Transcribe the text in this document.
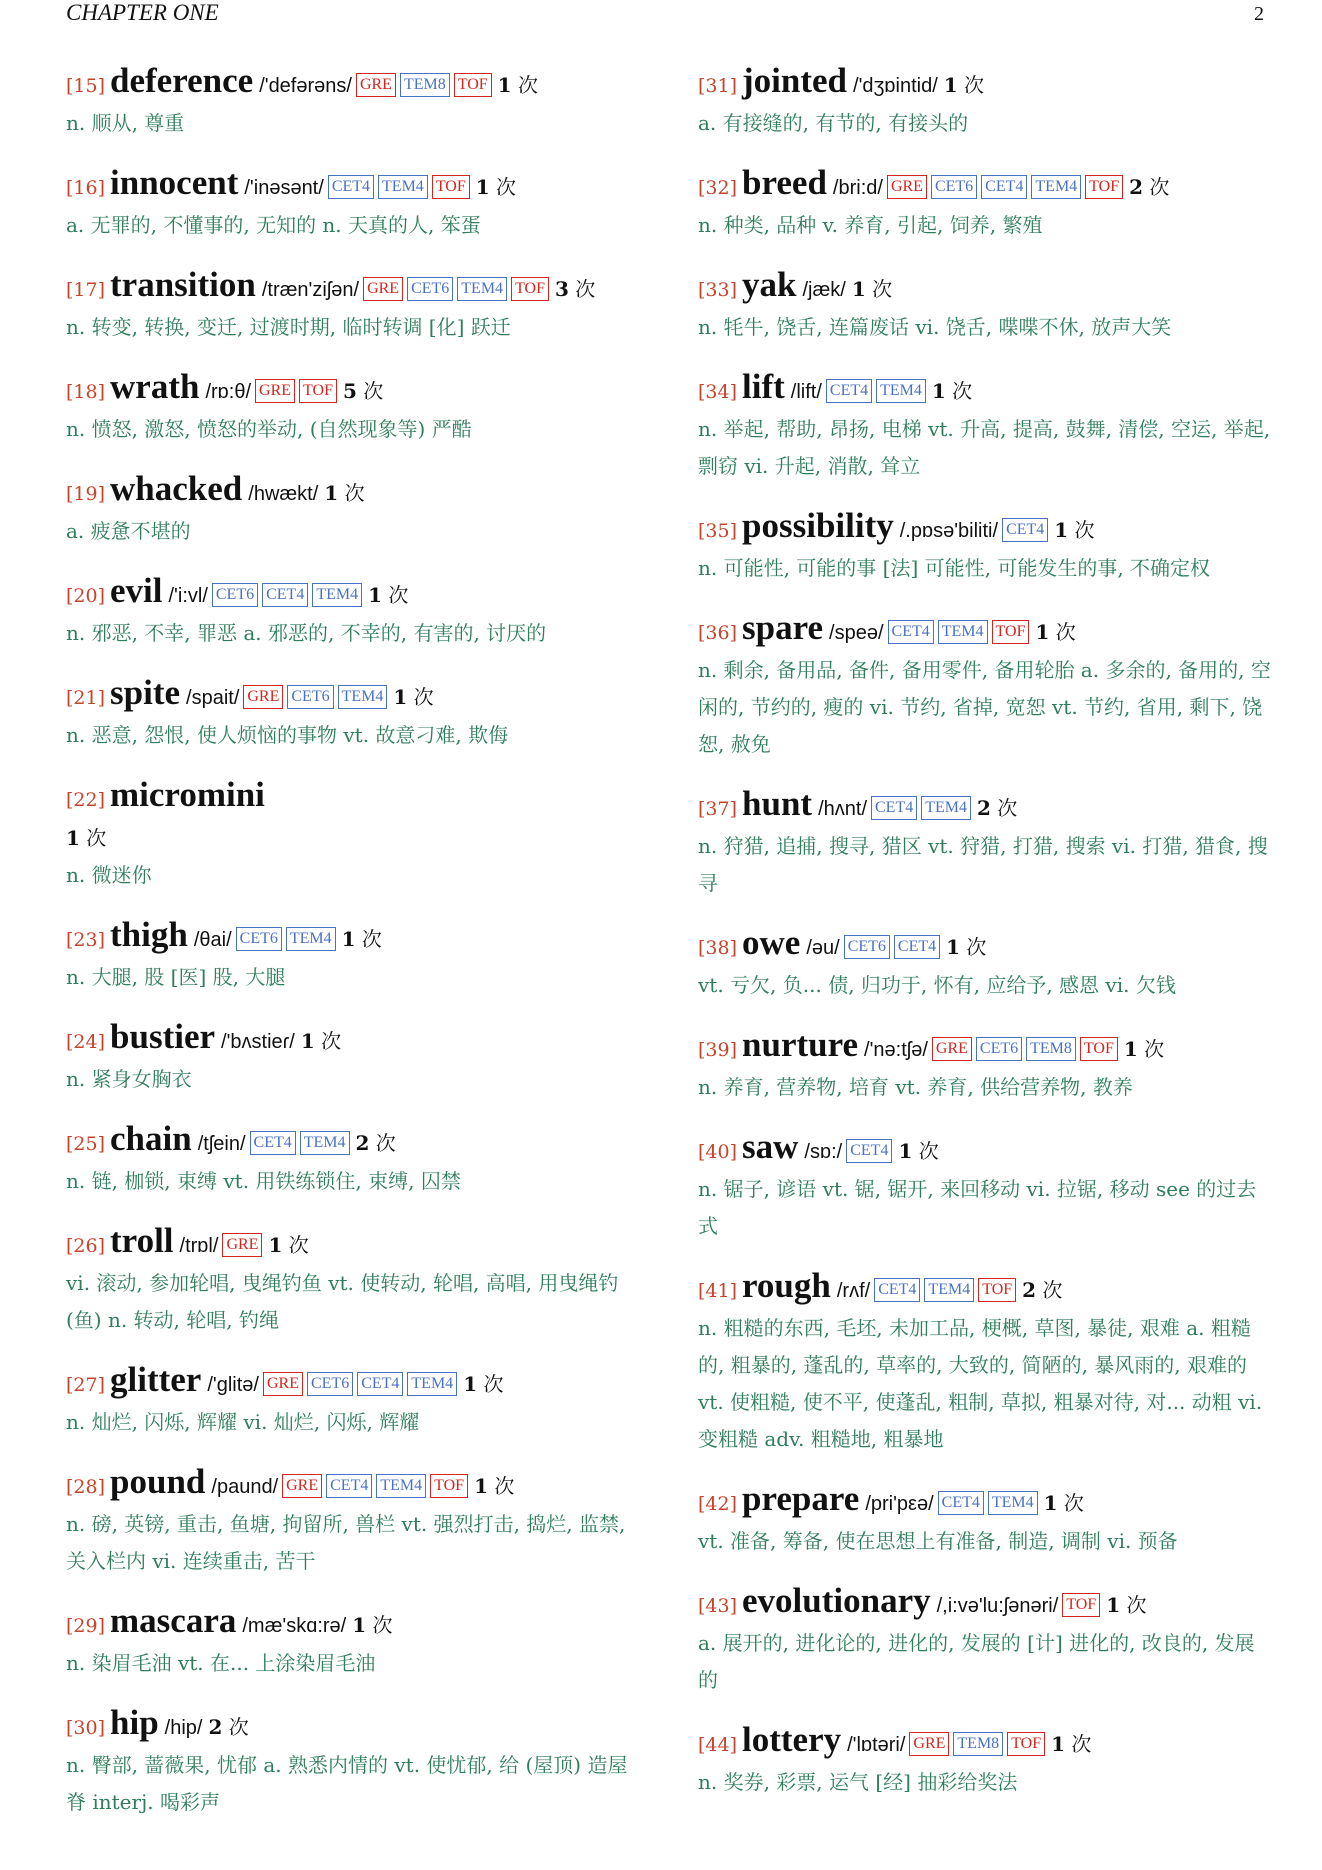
CHAPTER ONE	2
[15] deference /'defərəns/ GRE TEM8 TOF 1 次
n. 顺从, 尊重
[16] innocent /'inəsənt/ CET4 TEM4 TOF 1 次
a. 无罪的, 不懂事的, 无知的 n. 天真的人, 笨蛋
[17] transition /træn'ziʃən/ GRE CET6 TEM4 TOF 3 次
n. 转变, 转换, 变迁, 过渡时期, 临时转调 [化] 跃迁
[18] wrath /rɒ:θ/ GRE TOF 5 次
n. 愤怒, 激怒, 愤怒的举动, (自然现象等) 严酷
[19] whacked /hwækt/ 1 次
a. 疲惫不堪的
[20] evil /'i:vl/ CET6 CET4 TEM4 1 次
n. 邪恶, 不幸, 罪恶 a. 邪恶的, 不幸的, 有害的, 讨厌的
[21] spite /spait/ GRE CET6 TEM4 1 次
n. 恶意, 怨恨, 使人烦恼的事物 vt. 故意刁难, 欺侮
[22] micromini
1 次
n. 微迷你
[23] thigh /θai/ CET6 TEM4 1 次
n. 大腿, 股 [医] 股, 大腿
[24] bustier /'bʌstieɾ/ 1 次
n. 紧身女胸衣
[25] chain /tʃein/ CET4 TEM4 2 次
n. 链, 枷锁, 束缚 vt. 用铁练锁住, 束缚, 囚禁
[26] troll /trɒl/ GRE 1 次
vi. 滚动, 参加轮唱, 曳绳钓鱼 vt. 使转动, 轮唱, 高唱, 用曳绳钓 (鱼) n. 转动, 轮唱, 钓绳
[27] glitter /'glitə/ GRE CET6 CET4 TEM4 1 次
n. 灿烂, 闪烁, 辉耀 vi. 灿烂, 闪烁, 辉耀
[28] pound /paund/ GRE CET4 TEM4 TOF 1 次
n. 磅, 英镑, 重击, 鱼塘, 拘留所, 兽栏 vt. 强烈打击, 捣烂, 监禁, 关入栏内 vi. 连续重击, 苦干
[29] mascara /mæ'skɑ:rə/ 1 次
n. 染眉毛油 vt. 在... 上涂染眉毛油
[30] hip /hip/ 2 次
n. 臀部, 蔷薇果, 忧郁 a. 熟悉内情的 vt. 使忧郁, 给 (屋顶) 造屋脊 interj. 喝彩声
[31] jointed /'dʒɒintid/ 1 次
a. 有接缝的, 有节的, 有接头的
[32] breed /bri:d/ GRE CET6 CET4 TEM4 TOF 2 次
n. 种类, 品种 v. 养育, 引起, 饲养, 繁殖
[33] yak /jæk/ 1 次
n. 牦牛, 饶舌, 连篇废话 vi. 饶舌, 喋喋不休, 放声大笑
[34] lift /lift/ CET4 TEM4 1 次
n. 举起, 帮助, 昂扬, 电梯 vt. 升高, 提高, 鼓舞, 清偿, 空运, 举起, 剽窃 vi. 升起, 消散, 耸立
[35] possibility /.pɒsə'biliti/ CET4 1 次
n. 可能性, 可能的事 [法] 可能性, 可能发生的事, 不确定权
[36] spare /speə/ CET4 TEM4 TOF 1 次
n. 剩余, 备用品, 备件, 备用零件, 备用轮胎 a. 多余的, 备用的, 空闲的, 节约的, 瘦的 vi. 节约, 省掉, 宽恕 vt. 节约, 省用, 剩下, 饶恕, 赦免
[37] hunt /hʌnt/ CET4 TEM4 2 次
n. 狩猎, 追捕, 搜寻, 猎区 vt. 狩猎, 打猎, 搜索 vi. 打猎, 猎食, 搜寻
[38] owe /əu/ CET6 CET4 1 次
vt. 亏欠, 负... 债, 归功于, 怀有, 应给予, 感恩 vi. 欠钱
[39] nurture /'nə:tʃə/ GRE CET6 TEM8 TOF 1 次
n. 养育, 营养物, 培育 vt. 养育, 供给营养物, 教养
[40] saw /sɒ:/ CET4 1 次
n. 锯子, 谚语 vt. 锯, 锯开, 来回移动 vi. 拉锯, 移动 see 的过去式
[41] rough /rʌf/ CET4 TEM4 TOF 2 次
n. 粗糙的东西, 毛坯, 未加工品, 梗概, 草图, 暴徒, 艰难 a. 粗糙的, 粗暴的, 蓬乱的, 草率的, 大致的, 简陋的, 暴风雨的, 艰难的 vt. 使粗糙, 使不平, 使蓬乱, 粗制, 草拟, 粗暴对待, 对... 动粗 vi. 变粗糙 adv. 粗糙地, 粗暴地
[42] prepare /pri'pεə/ CET4 TEM4 1 次
vt. 准备, 筹备, 使在思想上有准备, 制造, 调制 vi. 预备
[43] evolutionary /,i:və'lu:ʃənəri/ TOF 1 次
a. 展开的, 进化论的, 进化的, 发展的 [计] 进化的, 改良的, 发展的
[44] lottery /'lɒtəri/ GRE TEM8 TOF 1 次
n. 奖券, 彩票, 运气 [经] 抽彩给奖法
